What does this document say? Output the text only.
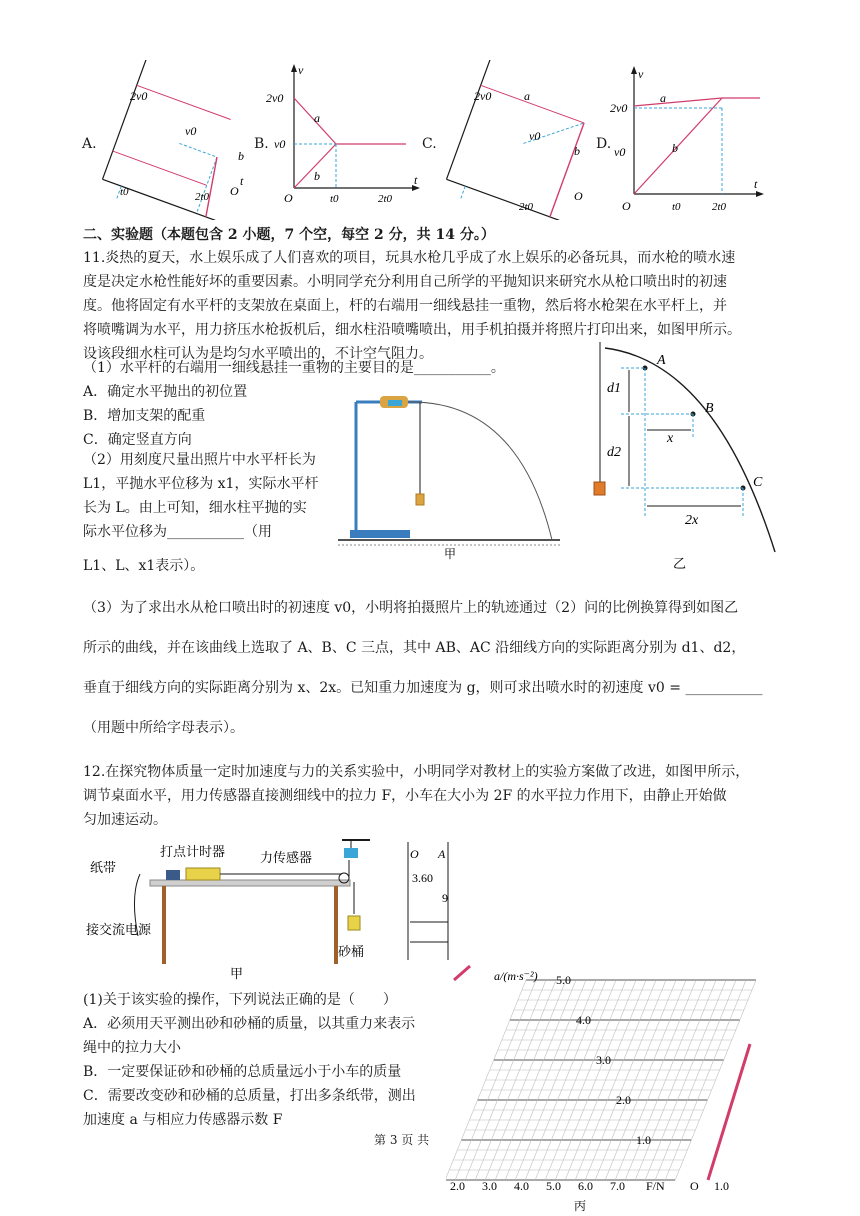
A.
2v0
v0
t
b
O
t0	2t0
B.
v
2v0
v0
a
b
O	t0	2t0
t
C.
2v0	a
v0
b
O
2t0
D.
v
2v0
v0
a
b
O	t0	2t0
t
二、实验题（本题包含 2 小题，7 个空，每空 2 分，共 14 分。）
11.炎热的夏天，水上娱乐成了人们喜欢的项目，玩具水枪几乎成了水上娱乐的必备玩具，而水枪的喷水速
度是决定水枪性能好坏的重要因素。小明同学充分利用自己所学的平抛知识来研究水从枪口喷出时的初速
度。他将固定有水平杆的支架放在桌面上，杆的右端用一细线悬挂一重物，然后将水枪架在水平杆上，并
将喷嘴调为水平，用力挤压水枪扳机后，细水柱沿喷嘴喷出，用手机拍摄并将照片打印出来，如图甲所示。
设该段细水柱可认为是均匀水平喷出的，不计空气阻力。
（1）水平杆的右端用一细线悬挂一重物的主要目的是___________。
A．确定水平抛出的初位置
B．增加支架的配重
C．确定竖直方向
（2）用刻度尺量出照片中水平杆长为
L1，平抛水平位移为 x1，实际水平杆
长为 L。由上可知，细水柱平抛的实
际水平位移为___________（用
L1、L、x1表示）。
甲
A
B
C
d1
d2
x
2x
乙
（3）为了求出水从枪口喷出时的初速度 v0，小明将拍摄照片上的轨迹通过（2）问的比例换算得到如图乙
所示的曲线，并在该曲线上选取了 A、B、C 三点，其中 AB、AC 沿细线方向的实际距离分别为 d1、d2，
垂直于细线方向的实际距离分别为 x、2x。已知重力加速度为 g，则可求出喷水时的初速度 v0 = ___________
（用题中所给字母表示）。
12.在探究物体质量一定时加速度与力的关系实验中，小明同学对教材上的实验方案做了改进，如图甲所示，
调节桌面水平，用力传感器直接测细线中的拉力 F，小车在大小为 2F 的水平拉力作用下，由静止开始做
匀加速运动。
打点计时器	力传感器
纸带
接交流电源
砂桶
甲
O A
3.60
9
(1)关于该实验的操作，下列说法正确的是（　　）
A．必须用天平测出砂和砂桶的质量，以其重力来表示
绳中的拉力大小
B．一定要保证砂和砂桶的总质量远小于小车的质量
C．需要改变砂和砂桶的总质量，打出多条纸带，测出
加速度 a 与相应力传感器示数 F
第 3 页 共
a/(m·s⁻²)
F/N O 1.0
丙
1.0
2.0
3.0
4.0
5.0
2.0 3.0 4.0 5.0 6.0 7.0
